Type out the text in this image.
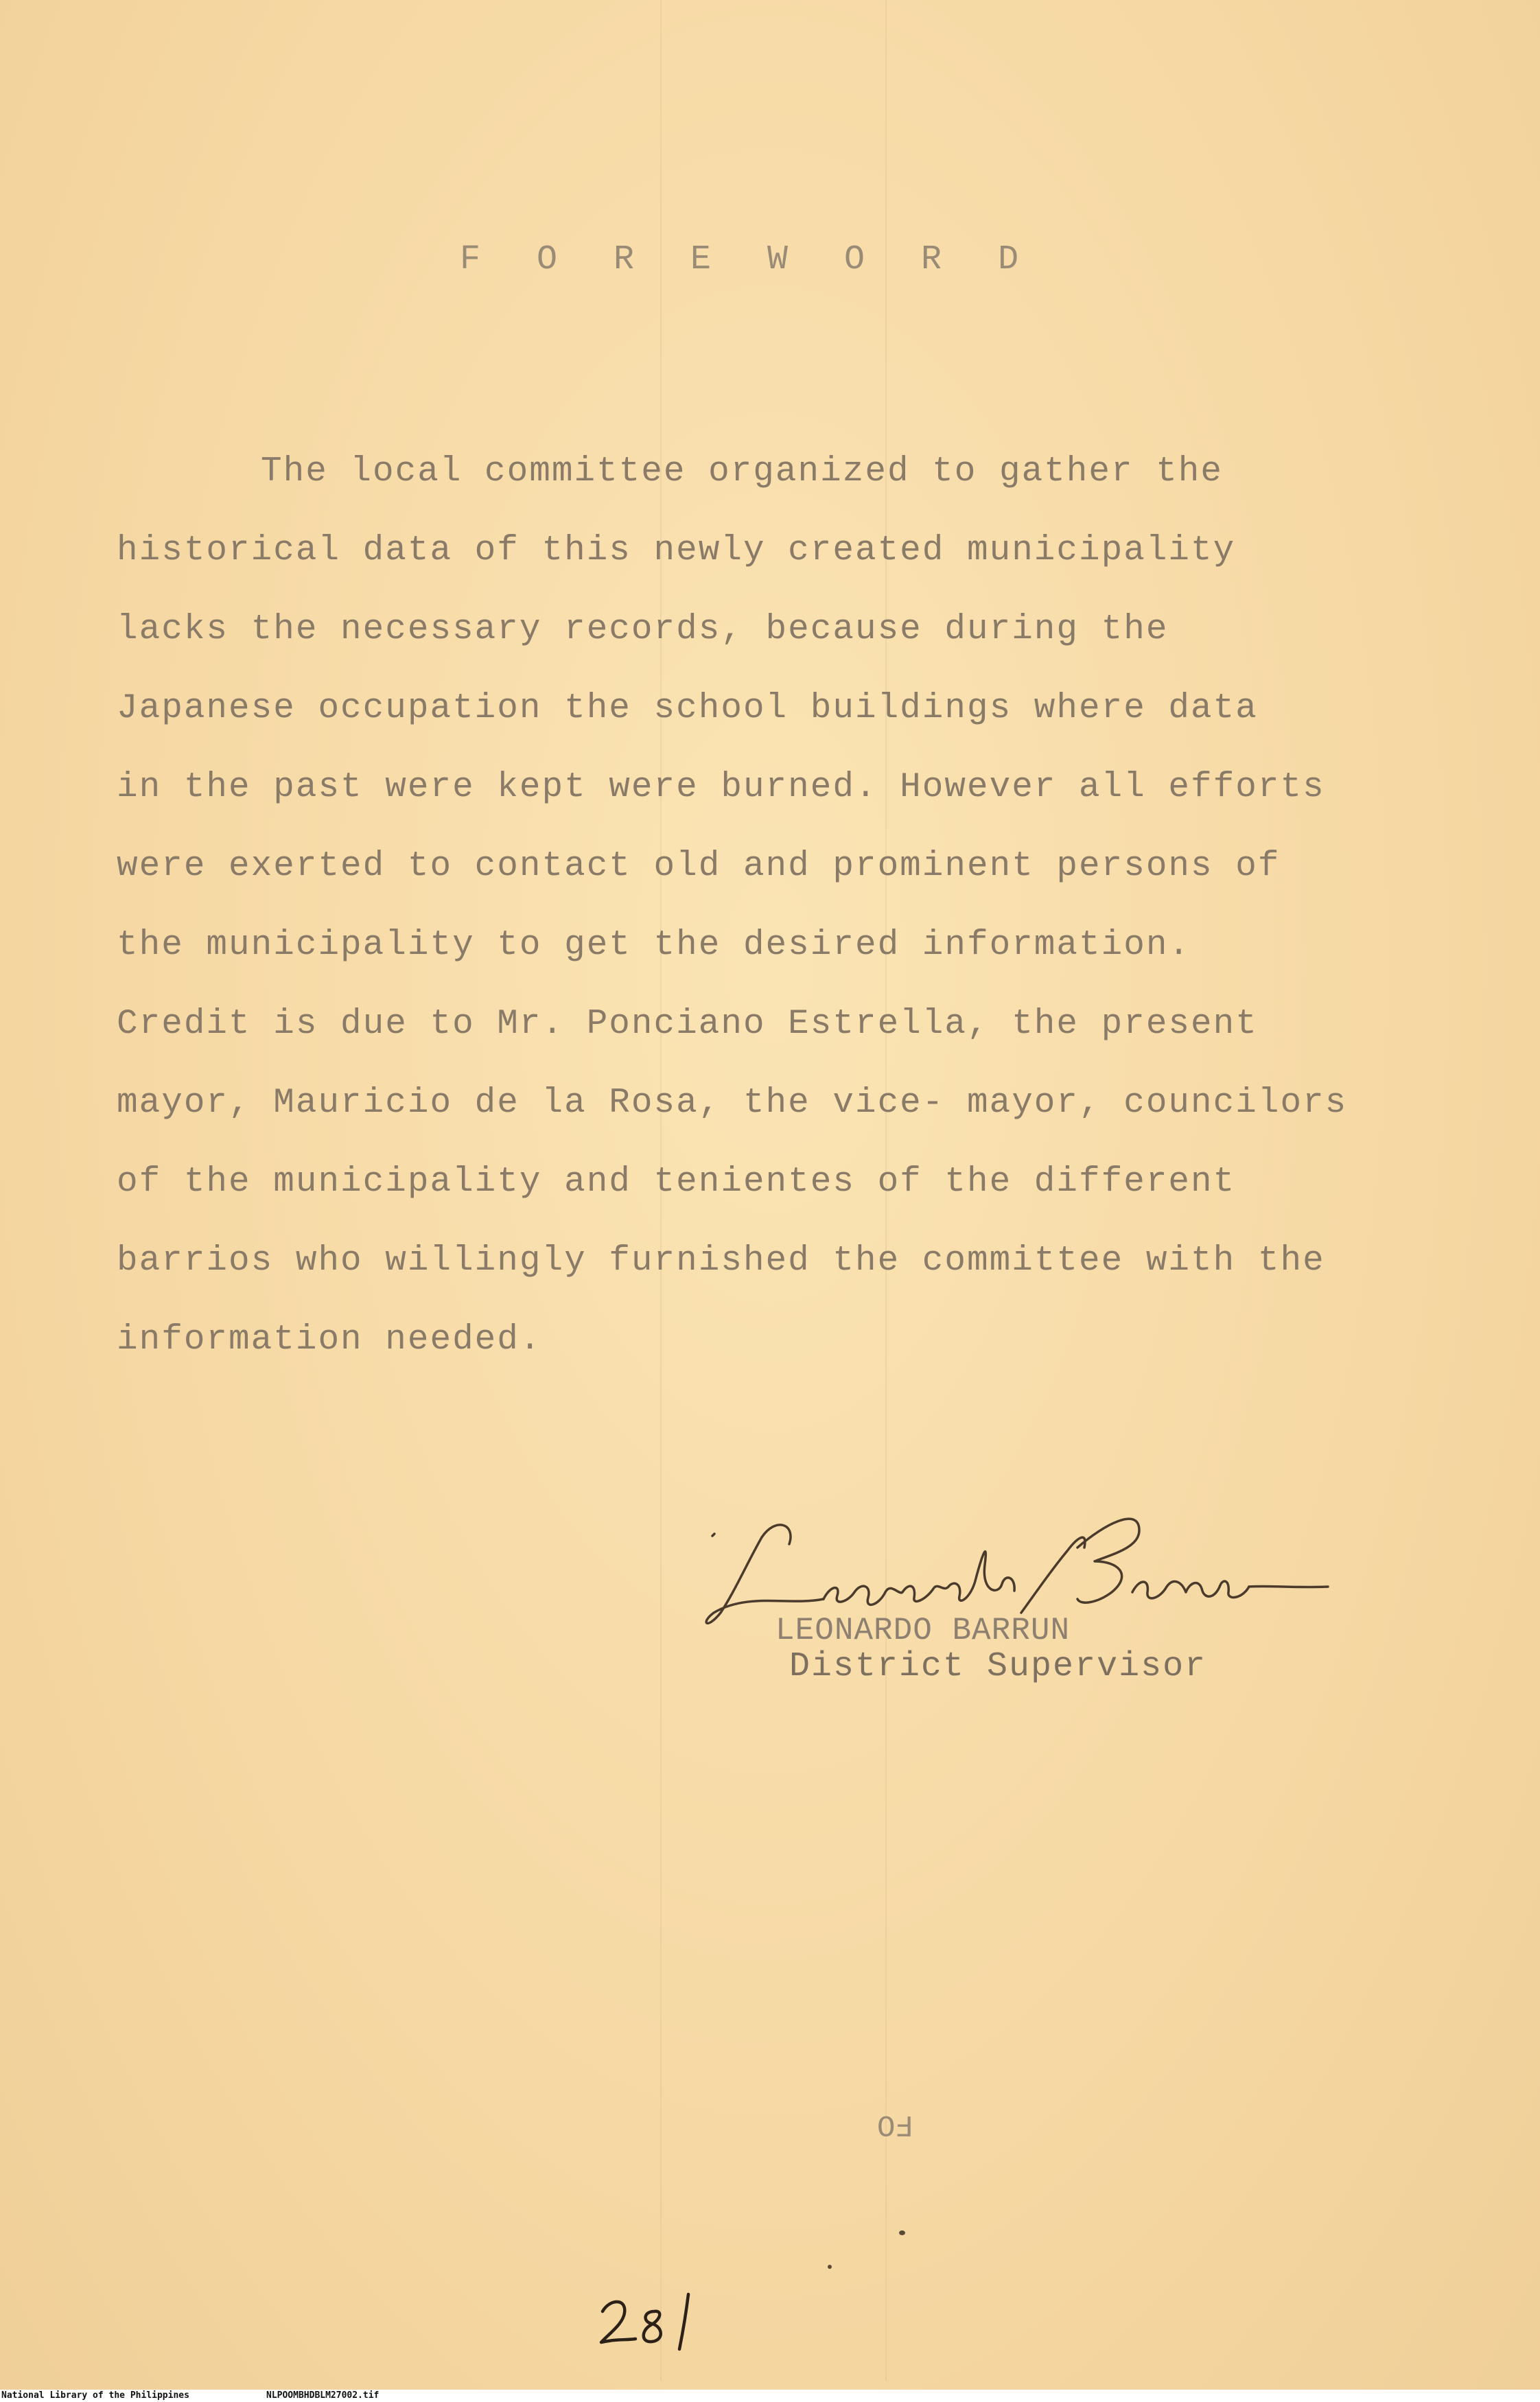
F O R E W O R D
The local committee organized to gather the
historical data of this newly created municipality
lacks the necessary records, because during the
Japanese occupation the school buildings where data
in the past were kept were burned. However all efforts
were exerted to contact old and prominent persons of
the municipality to get the desired information.
Credit is due to Mr. Ponciano Estrella, the present
mayor, Mauricio de la Rosa, the vice- mayor, councilors
of the municipality and tenientes of the different
barrios who willingly furnished the committee with the
information needed.
LEONARDO BARRUN
District Supervisor
FO
National Library of the Philippines	NLPOOMBHDBLM27002.tif
